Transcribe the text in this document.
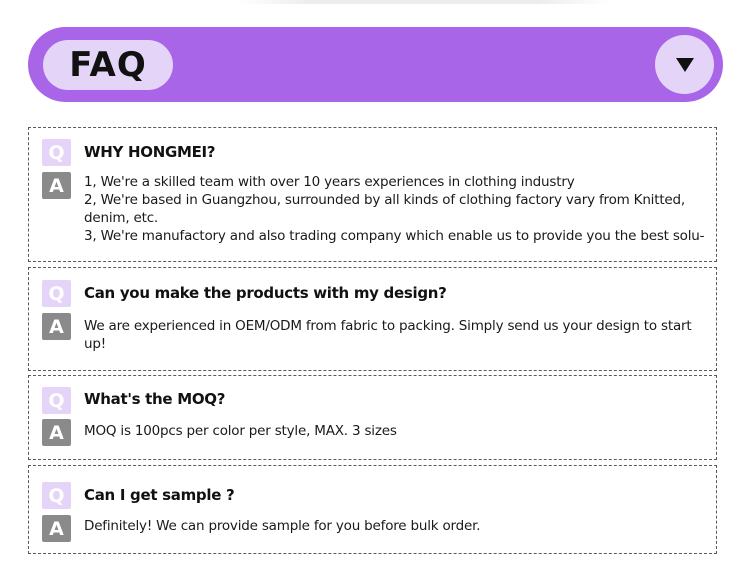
FAQ
Q	WHY HONGMEI?
A	1, We're a skilled team with over 10 years experiences in clothing industry
2, We're based in Guangzhou, surrounded by all kinds of clothing factory vary from Knitted, denim, etc.
3, We're manufactory and also trading company which enable us to provide you the best solu-
Q	Can you make the products with my design?
A	We are experienced in OEM/ODM from fabric to packing. Simply send us your design to start up!
Q	What's the MOQ?
A	MOQ is 100pcs per color per style, MAX. 3 sizes
Q	Can I get sample ?
A	Definitely! We can provide sample for you before bulk order.
